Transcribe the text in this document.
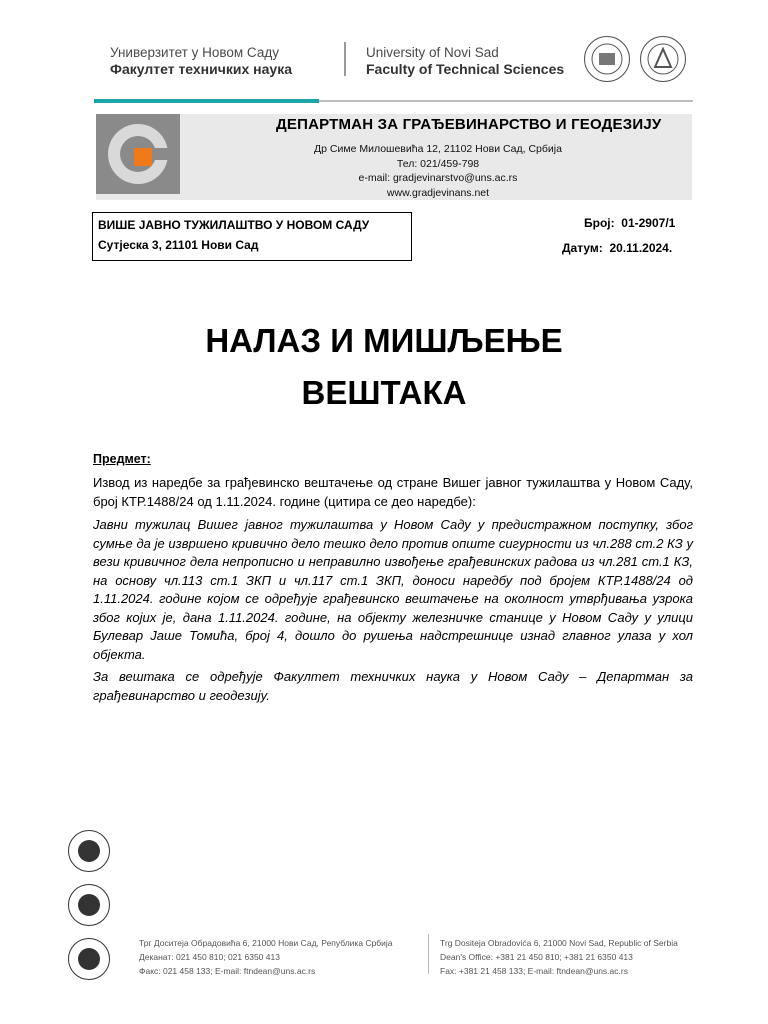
Универзитет у Новом Саду
Факултет техничких наука
University of Novi Sad
Faculty of Technical Sciences
ДЕПАРТМАН ЗА ГРАЂЕВИНАРСТВО И ГЕОДЕЗИЈУ
Др Симе Милошевића 12, 21102 Нови Сад, Србија
Тел: 021/459-798
e-mail: gradjevinarstvo@uns.ac.rs
www.gradjevinans.net
ВИШЕ ЈАВНО ТУЖИЛАШТВО У НОВОМ САДУ
Сутјеска 3, 21101 Нови Сад
Број:  01-2907/1
Датум:  20.11.2024.
НАЛАЗ И МИШЉЕЊЕ
ВЕШТАКА
Предмет:
Извод из наредбе за грађевинско вештачење од стране Вишег јавног тужилаштва у Новом Саду, број КТР.1488/24 од 1.11.2024. године (цитира се део наредбе):
Јавни тужилац Вишег јавног тужилаштва у Новом Саду у предистражном поступку, због сумње да је извршено кривично дело тешко дело против опште сигурности из чл.288 ст.2 КЗ у вези кривичног дела непрописно и неправилно извођење грађевинских радова из чл.281 ст.1 КЗ, на основу чл.113 ст.1 ЗКП и чл.117 ст.1 ЗКП, доноси наредбу под бројем КТР.1488/24 од 1.11.2024. године којом се одређује грађевинско вештачење на околност утврђивања узрока због којих је, дана 1.11.2024. године, на објекту железничке станице у Новом Саду у улици Булевар Јаше Томића, број 4, дошло до рушења надстрешнице изнад главног улаза у хол објекта.
За вештака се одређује Факултет техничких наука у Новом Саду – Департман за грађевинарство и геодезију.
Трг Доситеја Обрадовића 6, 21000 Нови Сад, Република Србија
Деканат: 021 450 810; 021 6350 413
Факс: 021 458 133; E-mail: ftndean@uns.ac.rs
Trg Dositeja Obradovića 6, 21000 Novi Sad, Republic of Serbia
Dean's Office: +381 21 450 810; +381 21 6350 413
Fax: +381 21 458 133; E-mail: ftndean@uns.ac.rs
